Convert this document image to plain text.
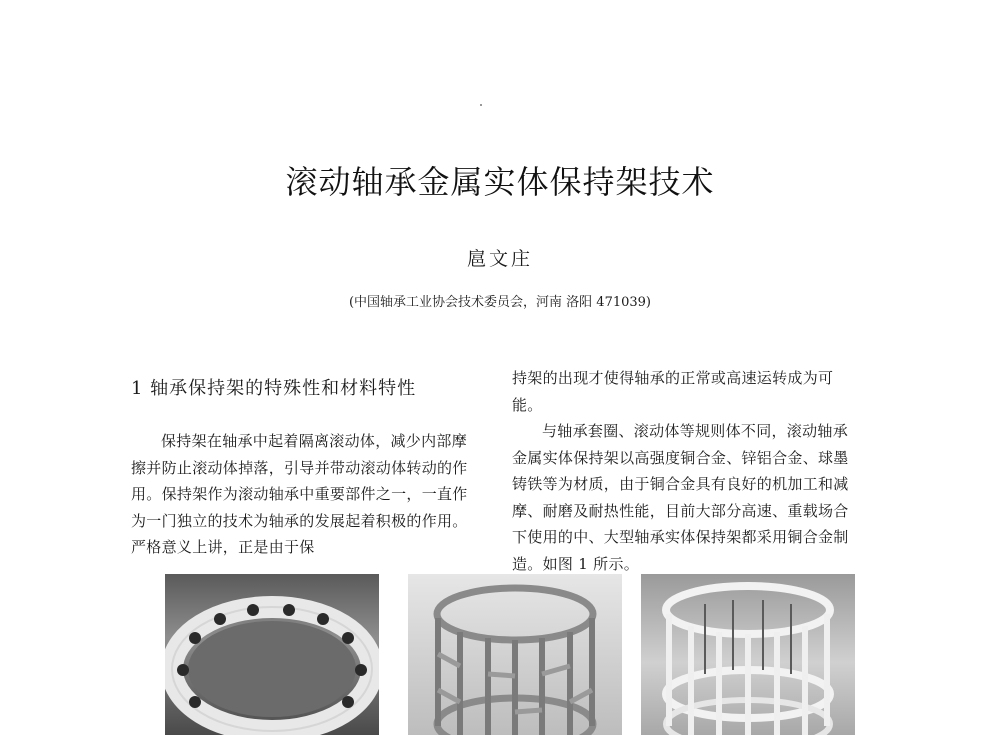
滚动轴承金属实体保持架技术
扈文庄
(中国轴承工业协会技术委员会，河南 洛阳 471039)
1 轴承保持架的特殊性和材料特性

保持架在轴承中起着隔离滚动体，减少内部摩擦并防止滚动体掉落，引导并带动滚动体转动的作用。保持架作为滚动轴承中重要部件之一，一直作为一门独立的技术为轴承的发展起着积极的作用。严格意义上讲，正是由于保

持架的出现才使得轴承的正常或高速运转成为可能。

与轴承套圈、滚动体等规则体不同，滚动轴承金属实体保持架以高强度铜合金、锌铝合金、球墨铸铁等为材质，由于铜合金具有良好的机加工和减摩、耐磨及耐热性能，目前大部分高速、重载场合下使用的中、大型轴承实体保持架都采用铜合金制造。如图 1 所示。
